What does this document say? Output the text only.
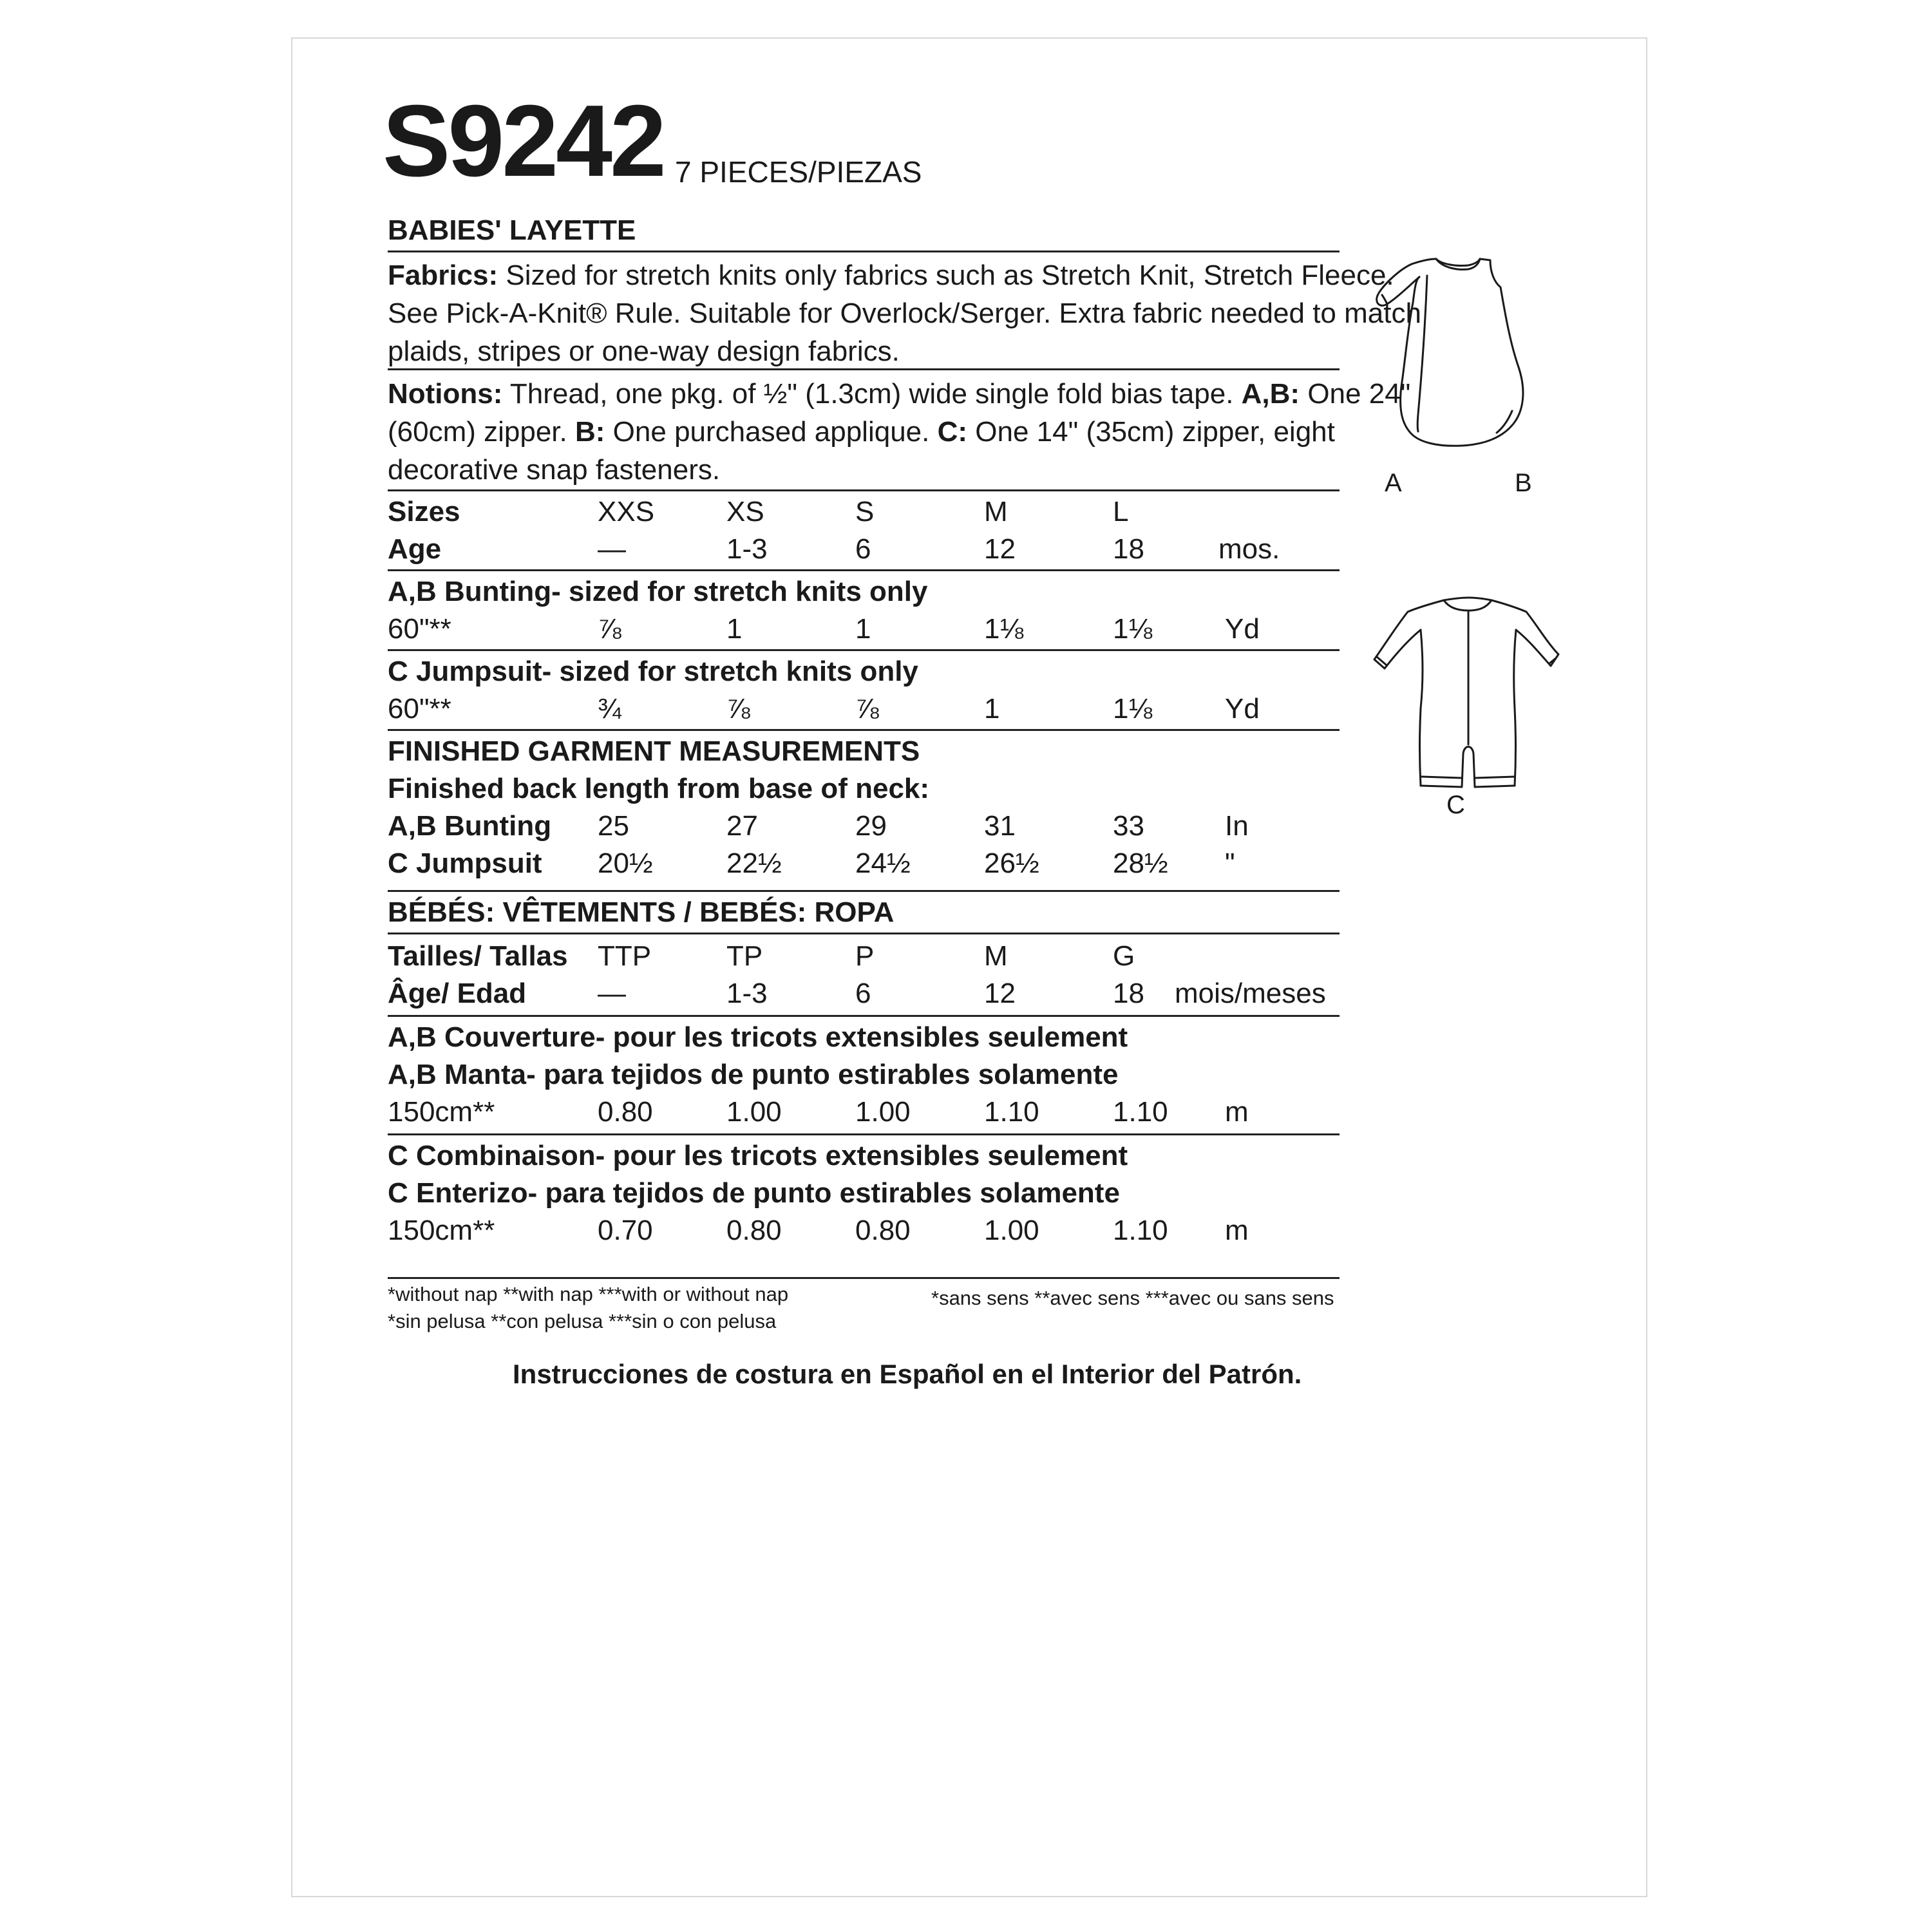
S9242 7 PIECES/PIEZAS
BABIES' LAYETTE
Fabrics: Sized for stretch knits only fabrics such as Stretch Knit, Stretch Fleece.
See Pick-A-Knit® Rule. Suitable for Overlock/Serger. Extra fabric needed to match
plaids, stripes or one-way design fabrics.
Notions: Thread, one pkg. of ½" (1.3cm) wide single fold bias tape. A,B: One 24"
(60cm) zipper. B: One purchased applique. C: One 14" (35cm) zipper, eight
decorative snap fasteners.
Sizes	XXS	XS	S	M	L
Age	—	1-3	6	12	18	mos.
A,B Bunting- sized for stretch knits only
60"**	⅞	1	1	1⅛	1⅛	Yd
C Jumpsuit- sized for stretch knits only
60"**	¾	⅞	⅞	1	1⅛	Yd
FINISHED GARMENT MEASUREMENTS
Finished back length from base of neck:
A,B Bunting 25	27	29	31	33	In
C Jumpsuit 20½	22½	24½	26½	28½ "
BÉBÉS: VÊTEMENTS / BEBÉS: ROPA
Tailles/ Tallas TTP	TP	P	M	G
Âge/ Edad	—	1-3	6	12	18 mois/meses
A,B Couverture- pour les tricots extensibles seulement
A,B Manta- para tejidos de punto estirables solamente
150cm**	0.80	1.00	1.00	1.10	1.10 m
C Combinaison- pour les tricots extensibles seulement
C Enterizo- para tejidos de punto estirables solamente
150cm**	0.70	0.80	0.80	1.00	1.10 m
*without nap **with nap ***with or without nap
*sin pelusa **con pelusa ***sin o con pelusa
*sans sens **avec sens ***avec ou sans sens
Instrucciones de costura en Español en el Interior del Patrón.
A	B
C
